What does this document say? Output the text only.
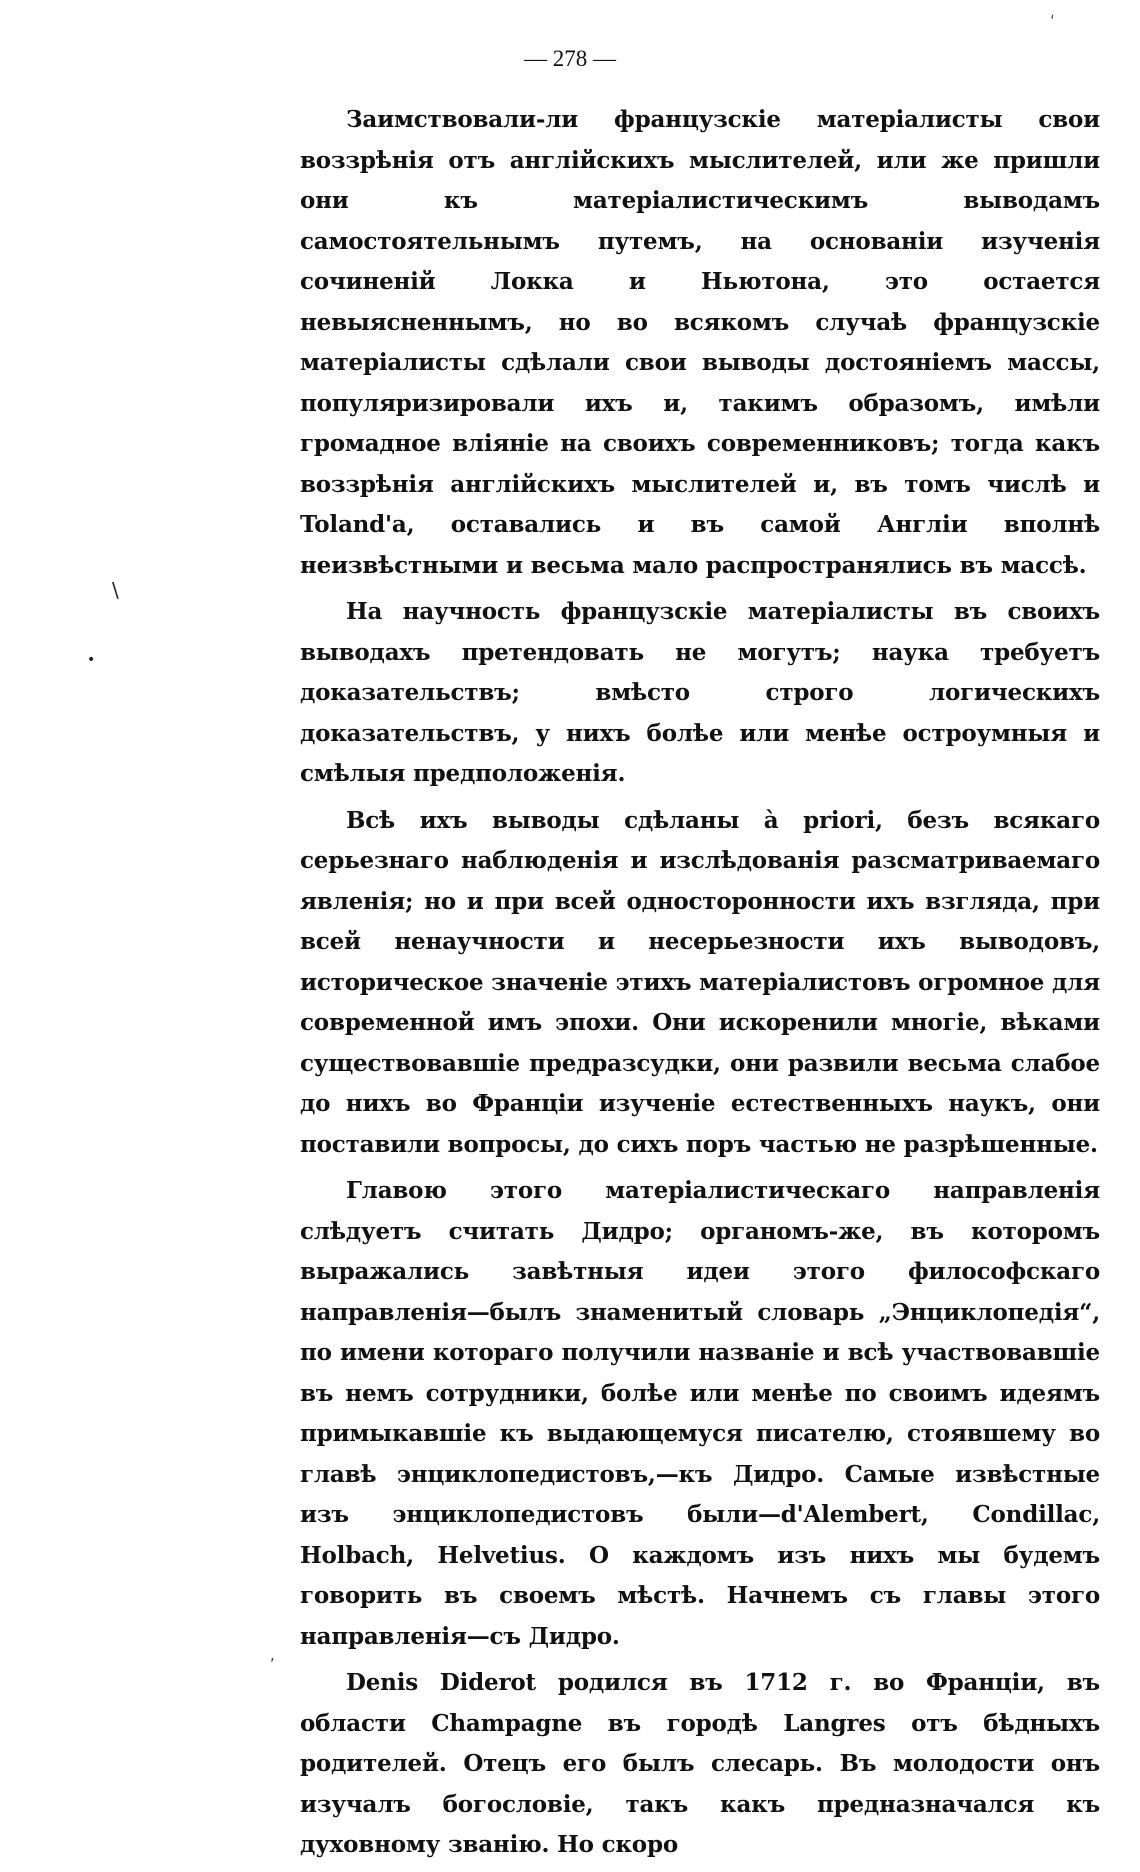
͵
— 278 —
\
•
‚

Заимствовали-ли французскіе матеріалисты свои воззрѣнія отъ англійскихъ мыслителей, или же пришли они къ матеріалистическимъ выводамъ самостоятельнымъ путемъ, на основаніи изученія сочиненій Локка и Ньютона, это остается невыясненнымъ, но во всякомъ случаѣ французскіе матеріалисты сдѣлали свои выводы достояніемъ массы, популяризировали ихъ и, такимъ образомъ, имѣли громадное вліяніе на своихъ современниковъ; тогда какъ воззрѣнія англійскихъ мыслителей и, въ томъ числѣ и Toland'а, оставались и въ самой Англіи вполнѣ неизвѣстными и весьма мало распространялись въ массѣ.

На научность французскіе матеріалисты въ своихъ выводахъ претендовать не могутъ; наука требуетъ доказательствъ; вмѣсто строго логическихъ доказательствъ, у нихъ болѣе или менѣе остроумныя и смѣлыя предположенія.

Всѣ ихъ выводы сдѣланы à priori, безъ всякаго серьезнаго наблюденія и изслѣдованія разсматриваемаго явленія; но и при всей односторонности ихъ взгляда, при всей ненаучности и несерьезности ихъ выводовъ, историческое значеніе этихъ матеріалистовъ огромное для современной имъ эпохи. Они искоренили многіе, вѣками существовавшіе предразсудки, они развили весьма слабое до нихъ во Франціи изученіе естественныхъ наукъ, они поставили вопросы, до сихъ поръ частью не разрѣшенные.

Главою этого матеріалистическаго направленія слѣдуетъ считать Дидро; органомъ-же, въ которомъ выражались завѣтныя идеи этого философскаго направленія—былъ знаменитый словарь „Энциклопедія“, по имени котораго получили названіе и всѣ участвовавшіе въ немъ сотрудники, болѣе или менѣе по своимъ идеямъ примыкавшіе къ выдающемуся писателю, стоявшему во главѣ энциклопедистовъ,—къ Дидро. Самые извѣстные изъ энциклопедистовъ были—d'Alembert, Condillac, Holbach, Helvetius. О каждомъ изъ нихъ мы будемъ говорить въ своемъ мѣстѣ. Начнемъ съ главы этого направленія—съ Дидро.

Denis Diderot родился въ 1712 г. во Франціи, въ области Champagne въ городѣ Langres отъ бѣдныхъ родителей. Отецъ его былъ слесарь. Въ молодости онъ изучалъ богословіе, такъ какъ предназначался къ духовному званію. Но скоро
